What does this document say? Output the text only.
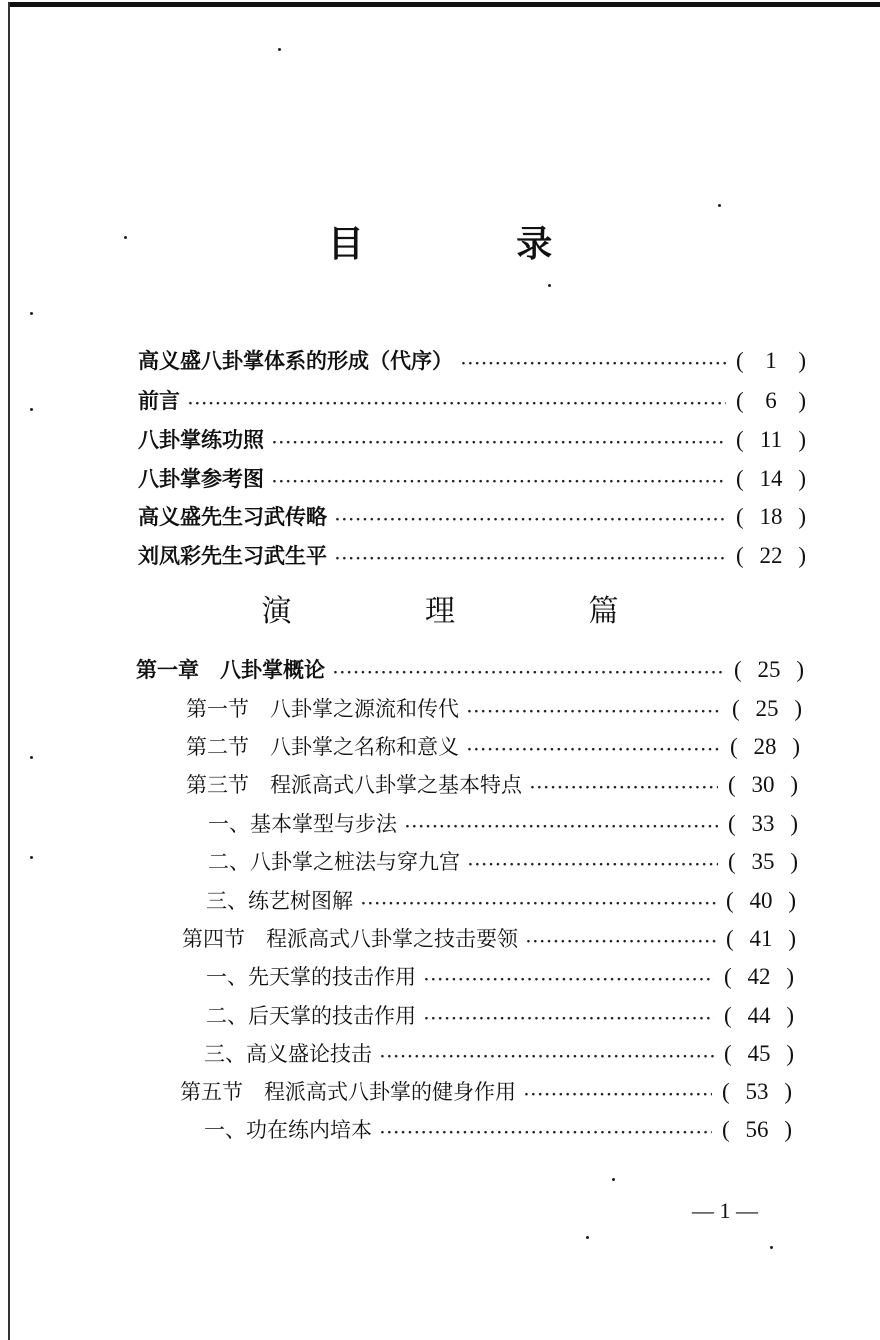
目 录
高义盛八卦掌体系的形成（代序） ·····	( 1 )
前言 ·····	( 6 )
八卦掌练功照 ·····	( 11 )
八卦掌参考图 ·····	( 14 )
高义盛先生习武传略 ·····	( 18 )
刘凤彩先生习武生平 ·····	( 22 )
演 理 篇
第一章　八卦掌概论 ·····	( 25 )
第一节　八卦掌之源流和传代 ·····	( 25 )
第二节　八卦掌之名称和意义 ·····	( 28 )
第三节　程派高式八卦掌之基本特点 ·····	( 30 )
一、基本掌型与步法 ·····	( 33 )
二、八卦掌之桩法与穿九宫 ·····	( 35 )
三、练艺树图解 ·····	( 40 )
第四节　程派高式八卦掌之技击要领 ·····	( 41 )
一、先天掌的技击作用 ·····	( 42 )
二、后天掌的技击作用 ·····	( 44 )
三、高义盛论技击 ·····	( 45 )
第五节　程派高式八卦掌的健身作用 ·····	( 53 )
一、功在练内培本 ·····	( 56 )
— 1 —
